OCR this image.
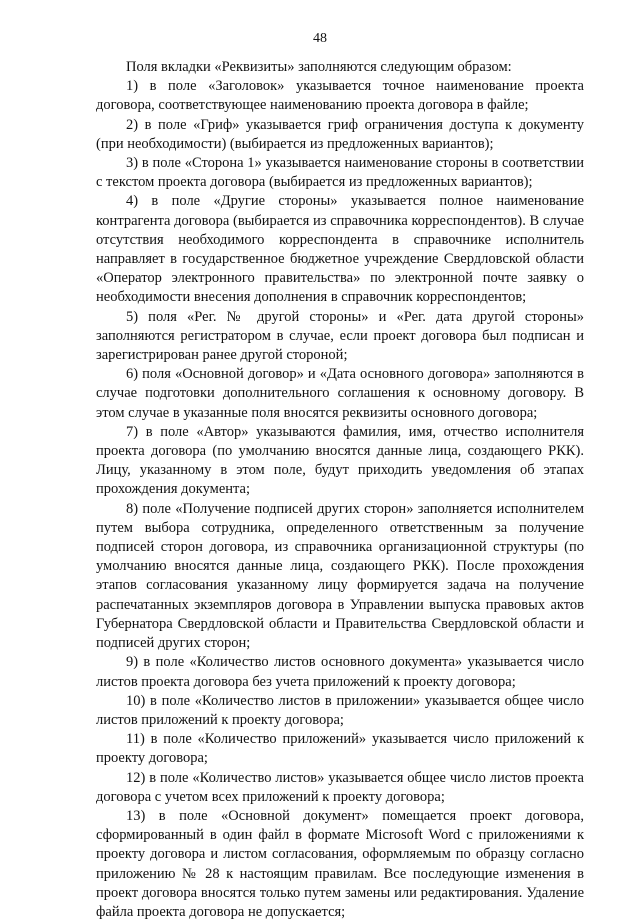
48

Поля вкладки «Реквизиты» заполняются следующим образом:

1) в поле «Заголовок» указывается точное наименование проекта договора, соответствующее наименованию проекта договора в файле;

2) в поле «Гриф» указывается гриф ограничения доступа к документу (при необходимости) (выбирается из предложенных вариантов);

3) в поле «Сторона 1» указывается наименование стороны в соответствии с текстом проекта договора (выбирается из предложенных вариантов);

4) в поле «Другие стороны» указывается полное наименование контрагента договора (выбирается из справочника корреспондентов). В случае отсутствия необходимого корреспондента в справочнике исполнитель направляет в государственное бюджетное учреждение Свердловской области «Оператор электронного правительства» по электронной почте заявку о необходимости внесения дополнения в справочник корреспондентов;

5) поля «Рег. № другой стороны» и «Рег. дата другой стороны» заполняются регистратором в случае, если проект договора был подписан и зарегистрирован ранее другой стороной;

6) поля «Основной договор» и «Дата основного договора» заполняются в случае подготовки дополнительного соглашения к основному договору. В этом случае в указанные поля вносятся реквизиты основного договора;

7) в поле «Автор» указываются фамилия, имя, отчество исполнителя проекта договора (по умолчанию вносятся данные лица, создающего РКК). Лицу, указанному в этом поле, будут приходить уведомления об этапах прохождения документа;

8) поле «Получение подписей других сторон» заполняется исполнителем путем выбора сотрудника, определенного ответственным за получение подписей сторон договора, из справочника организационной структуры (по умолчанию вносятся данные лица, создающего РКК). После прохождения этапов согласования указанному лицу формируется задача на получение распечатанных экземпляров договора в Управлении выпуска правовых актов Губернатора Свердловской области и Правительства Свердловской области и подписей других сторон;

9) в поле «Количество листов основного документа» указывается число листов проекта договора без учета приложений к проекту договора;

10) в поле «Количество листов в приложении» указывается общее число листов приложений к проекту договора;

11) в поле «Количество приложений» указывается число приложений к проекту договора;

12) в поле «Количество листов» указывается общее число листов проекта договора с учетом всех приложений к проекту договора;

13) в поле «Основной документ» помещается проект договора, сформированный в один файл в формате Microsoft Word с приложениями к проекту договора и листом согласования, оформляемым по образцу согласно приложению № 28 к настоящим правилам. Все последующие изменения в проект договора вносятся только путем замены или редактирования. Удаление файла проекта договора не допускается;
